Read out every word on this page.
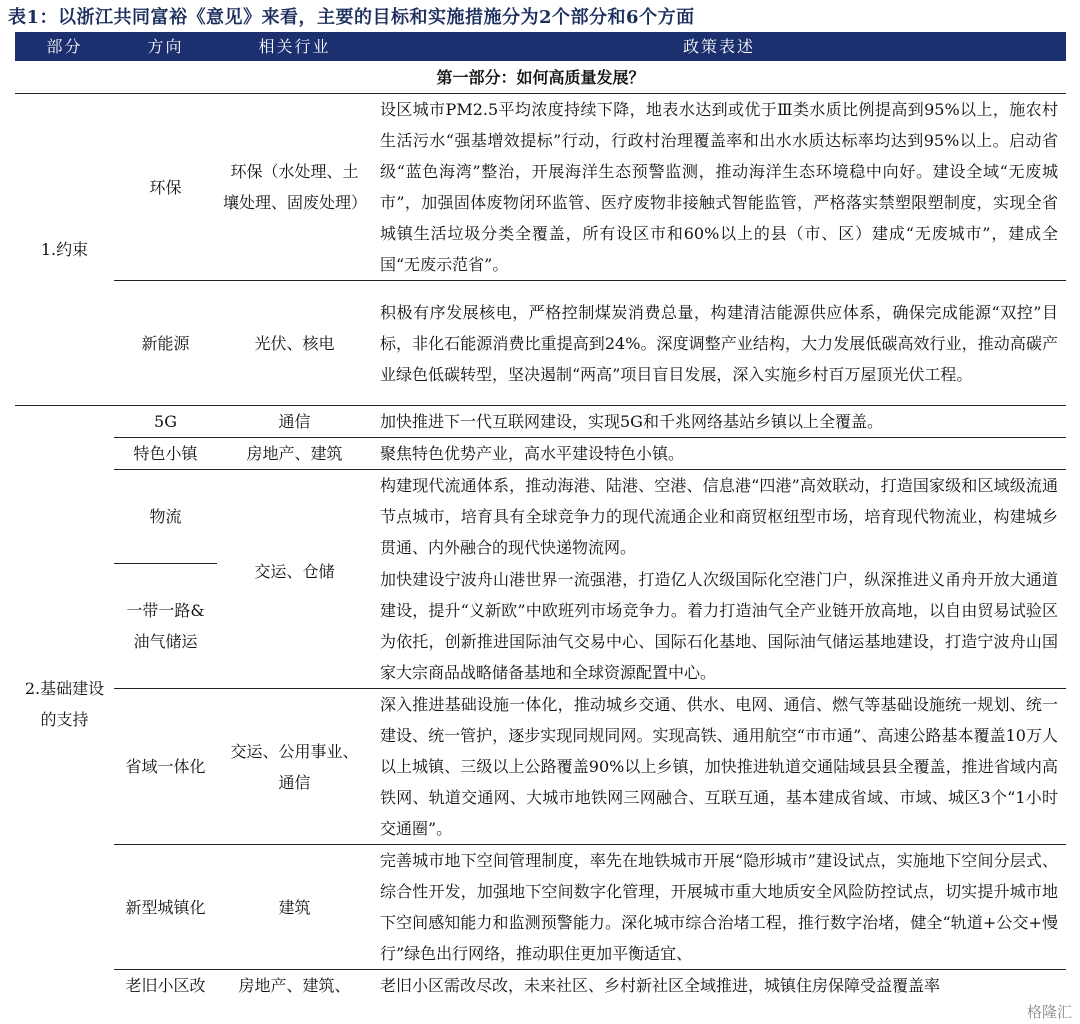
表1：以浙江共同富裕《意见》来看，主要的目标和实施措施分为2个部分和6个方面
部分	方向	相关行业	政策表述
第一部分：如何高质量发展？			
1.约束	环保	环保（水处理、土壤处理、固废处理）	设区城市PM2.5平均浓度持续下降，地表水达到或优于Ⅲ类水质比例提高到95%以上，施农村生活污水“强基增效提标”行动，行政村治理覆盖率和出水水质达标率均达到95%以上。启动省级“蓝色海湾”整治，开展海洋生态预警监测，推动海洋生态环境稳中向好。建设全域“无废城市”，加强固体废物闭环监管、医疗废物非接触式智能监管，严格落实禁塑限塑制度，实现全省城镇生活垃圾分类全覆盖，所有设区市和60%以上的县（市、区）建成“无废城市”，建成全国“无废示范省”。
	新能源	光伏、核电	积极有序发展核电，严格控制煤炭消费总量，构建清洁能源供应体系，确保完成能源“双控”目标，非化石能源消费比重提高到24%。深度调整产业结构，大力发展低碳高效行业，推动高碳产业绿色低碳转型，坚决遏制“两高”项目盲目发展，深入实施乡村百万屋顶光伏工程。
2.基础建设的支持	5G	通信	加快推进下一代互联网建设，实现5G和千兆网络基站乡镇以上全覆盖。
	特色小镇	房地产、建筑	聚焦特色优势产业，高水平建设特色小镇。
	物流	交运、仓储	构建现代流通体系，推动海港、陆港、空港、信息港“四港”高效联动，打造国家级和区域级流通节点城市，培育具有全球竞争力的现代流通企业和商贸枢纽型市场，培育现代物流业，构建城乡贯通、内外融合的现代快递物流网。
	一带一路&油气储运		加快建设宁波舟山港世界一流强港，打造亿人次级国际化空港门户，纵深推进义甬舟开放大通道建设，提升“义新欧”中欧班列市场竞争力。着力打造油气全产业链开放高地，以自由贸易试验区为依托，创新推进国际油气交易中心、国际石化基地、国际油气储运基地建设，打造宁波舟山国家大宗商品战略储备基地和全球资源配置中心。
	省域一体化	交运、公用事业、通信	深入推进基础设施一体化，推动城乡交通、供水、电网、通信、燃气等基础设施统一规划、统一建设、统一管护，逐步实现同规同网。实现高铁、通用航空“市市通”、高速公路基本覆盖10万人以上城镇、三级以上公路覆盖90%以上乡镇，加快推进轨道交通陆域县县全覆盖，推进省域内高铁网、轨道交通网、大城市地铁网三网融合、互联互通，基本建成省域、市域、城区3个“1小时交通圈”。
	新型城镇化	建筑	完善城市地下空间管理制度，率先在地铁城市开展“隐形城市”建设试点，实施地下空间分层式、综合性开发，加强地下空间数字化管理，开展城市重大地质安全风险防控试点，切实提升城市地下空间感知能力和监测预警能力。深化城市综合治堵工程，推行数字治堵，健全“轨道+公交+慢行”绿色出行网络，推动职住更加平衡适宜、
	老旧小区改	房地产、建筑、	老旧小区需改尽改，未来社区、乡村新社区全域推进，城镇住房保障受益覆盖率
格隆汇
